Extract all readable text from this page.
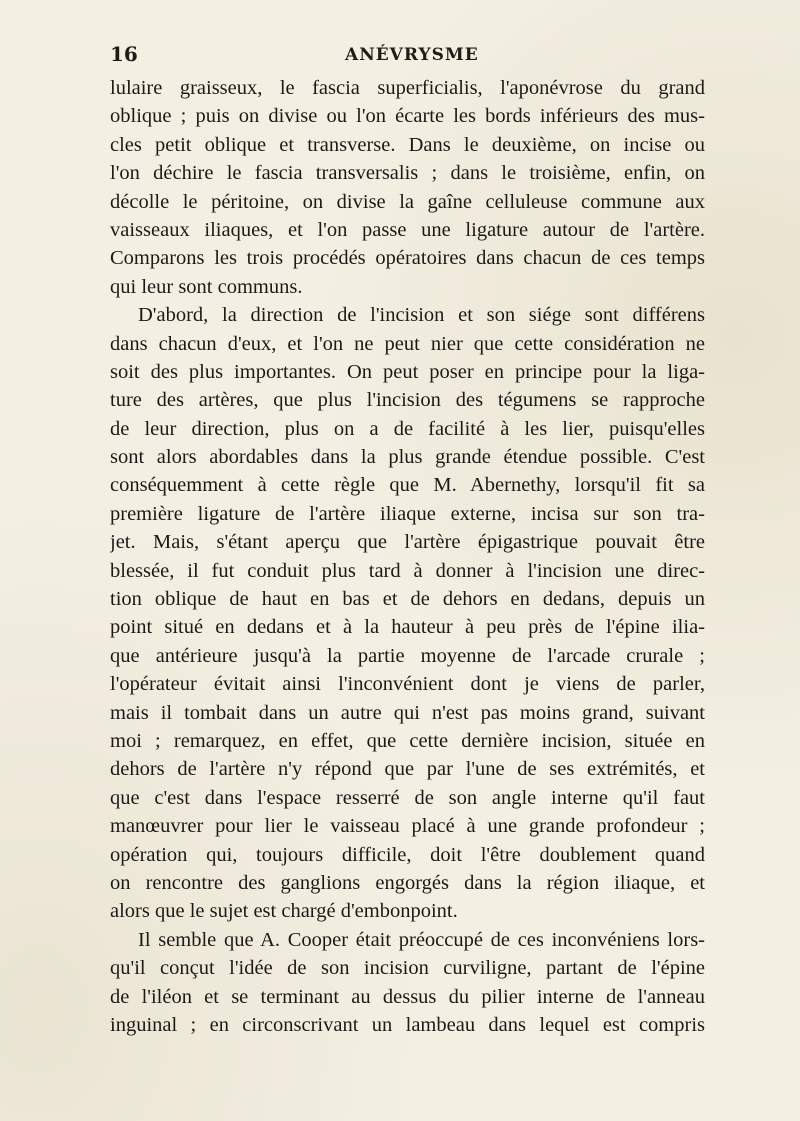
16	ANÉVRYSME
lulaire graisseux, le fascia superficialis, l'aponévrose du grand
oblique ; puis on divise ou l'on écarte les bords inférieurs des mus-
cles petit oblique et transverse. Dans le deuxième, on incise ou
l'on déchire le fascia transversalis ; dans le troisième, enfin, on
décolle le péritoine, on divise la gaîne celluleuse commune aux
vaisseaux iliaques, et l'on passe une ligature autour de l'artère.
Comparons les trois procédés opératoires dans chacun de ces temps
qui leur sont communs.
D'abord, la direction de l'incision et son siége sont différens
dans chacun d'eux, et l'on ne peut nier que cette considération ne
soit des plus importantes. On peut poser en principe pour la liga-
ture des artères, que plus l'incision des tégumens se rapproche
de leur direction, plus on a de facilité à les lier, puisqu'elles
sont alors abordables dans la plus grande étendue possible. C'est
conséquemment à cette règle que M. Abernethy, lorsqu'il fit sa
première ligature de l'artère iliaque externe, incisa sur son tra-
jet. Mais, s'étant aperçu que l'artère épigastrique pouvait être
blessée, il fut conduit plus tard à donner à l'incision une direc-
tion oblique de haut en bas et de dehors en dedans, depuis un
point situé en dedans et à la hauteur à peu près de l'épine ilia-
que antérieure jusqu'à la partie moyenne de l'arcade crurale ;
l'opérateur évitait ainsi l'inconvénient dont je viens de parler,
mais il tombait dans un autre qui n'est pas moins grand, suivant
moi ; remarquez, en effet, que cette dernière incision, située en
dehors de l'artère n'y répond que par l'une de ses extrémités, et
que c'est dans l'espace resserré de son angle interne qu'il faut
manœuvrer pour lier le vaisseau placé à une grande profondeur ;
opération qui, toujours difficile, doit l'être doublement quand
on rencontre des ganglions engorgés dans la région iliaque, et
alors que le sujet est chargé d'embonpoint.
Il semble que A. Cooper était préoccupé de ces inconvéniens lors-
qu'il conçut l'idée de son incision curviligne, partant de l'épine
de l'iléon et se terminant au dessus du pilier interne de l'anneau
inguinal ; en circonscrivant un lambeau dans lequel est compris
